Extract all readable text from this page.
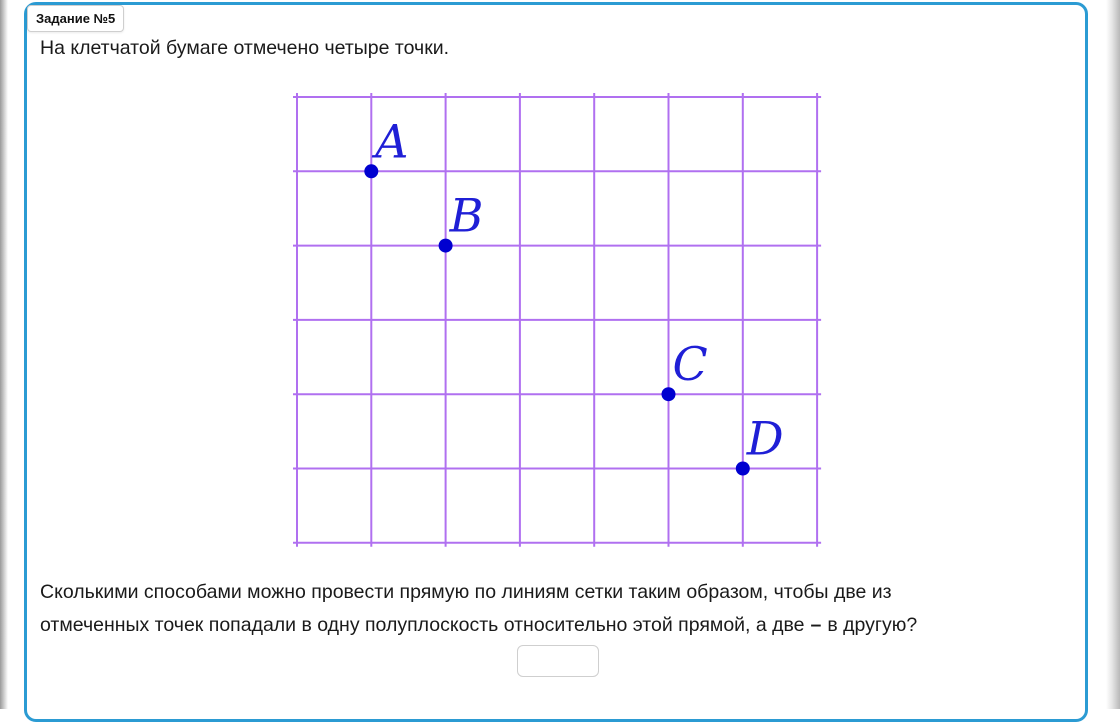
Задание №5
На клетчатой бумаге отмечено четыре точки.
A
B
C
D
Сколькими способами можно провести прямую по линиям сетки таким образом, чтобы две из
отмеченных точек попадали в одну полуплоскость относительно этой прямой, а две – в другую?
